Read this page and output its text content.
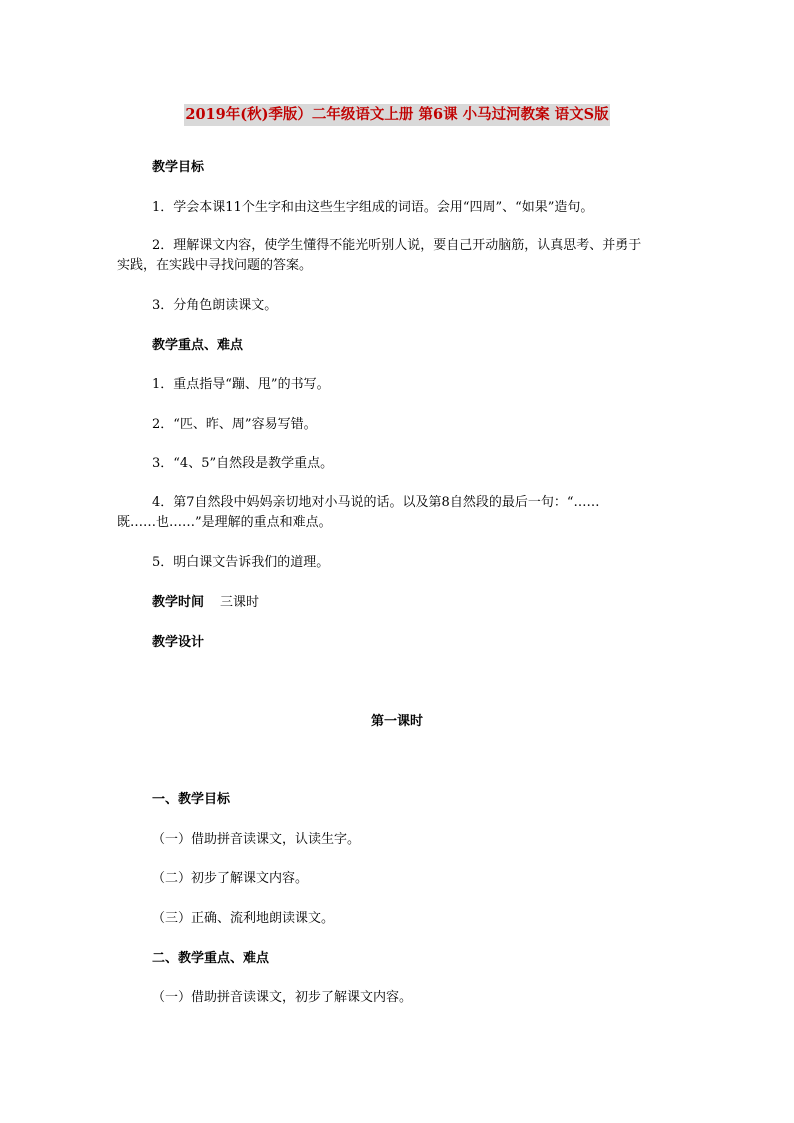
2019年(秋)季版）二年级语文上册 第6课 小马过河教案 语文S版
教学目标
1．学会本课11个生字和由这些生字组成的词语。会用“四周”、“如果”造句。
2．理解课文内容，使学生懂得不能光听别人说，要自己开动脑筋，认真思考、并勇于
实践，在实践中寻找问题的答案。
3．分角色朗读课文。
教学重点、难点
1．重点指导“蹦、甩”的书写。
2．“匹、昨、周”容易写错。
3．“4、5”自然段是教学重点。
4．第7自然段中妈妈亲切地对小马说的话。以及第8自然段的最后一句：“……
既……也……”是理解的重点和难点。
5．明白课文告诉我们的道理。
教学时间 三课时
教学设计
第一课时
一、教学目标
（一）借助拼音读课文，认读生字。
（二）初步了解课文内容。
（三）正确、流利地朗读课文。
二、教学重点、难点
（一）借助拼音读课文，初步了解课文内容。
